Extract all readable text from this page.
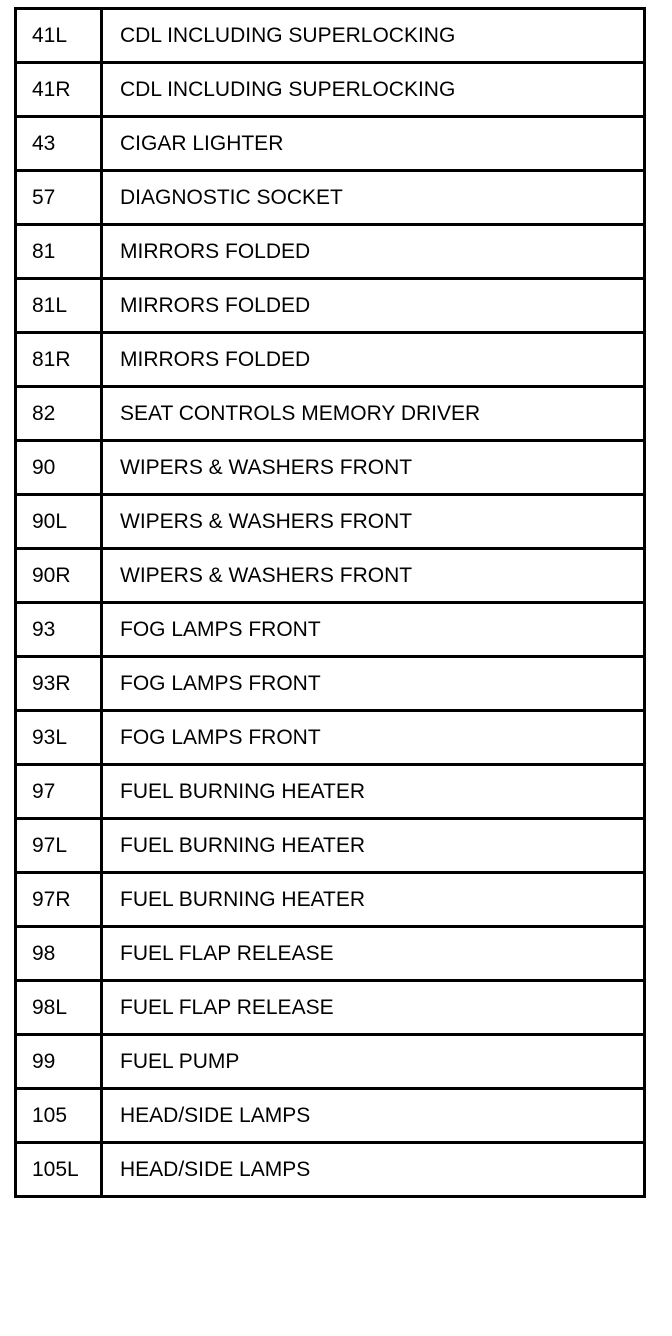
41L	CDL INCLUDING SUPERLOCKING
41R	CDL INCLUDING SUPERLOCKING
43	CIGAR LIGHTER
57	DIAGNOSTIC SOCKET
81	MIRRORS FOLDED
81L	MIRRORS FOLDED
81R	MIRRORS FOLDED
82	SEAT CONTROLS MEMORY DRIVER
90	WIPERS & WASHERS FRONT
90L	WIPERS & WASHERS FRONT
90R	WIPERS & WASHERS FRONT
93	FOG LAMPS FRONT
93R	FOG LAMPS FRONT
93L	FOG LAMPS FRONT
97	FUEL BURNING HEATER
97L	FUEL BURNING HEATER
97R	FUEL BURNING HEATER
98	FUEL FLAP RELEASE
98L	FUEL FLAP RELEASE
99	FUEL PUMP
105	HEAD/SIDE LAMPS
105L	HEAD/SIDE LAMPS
